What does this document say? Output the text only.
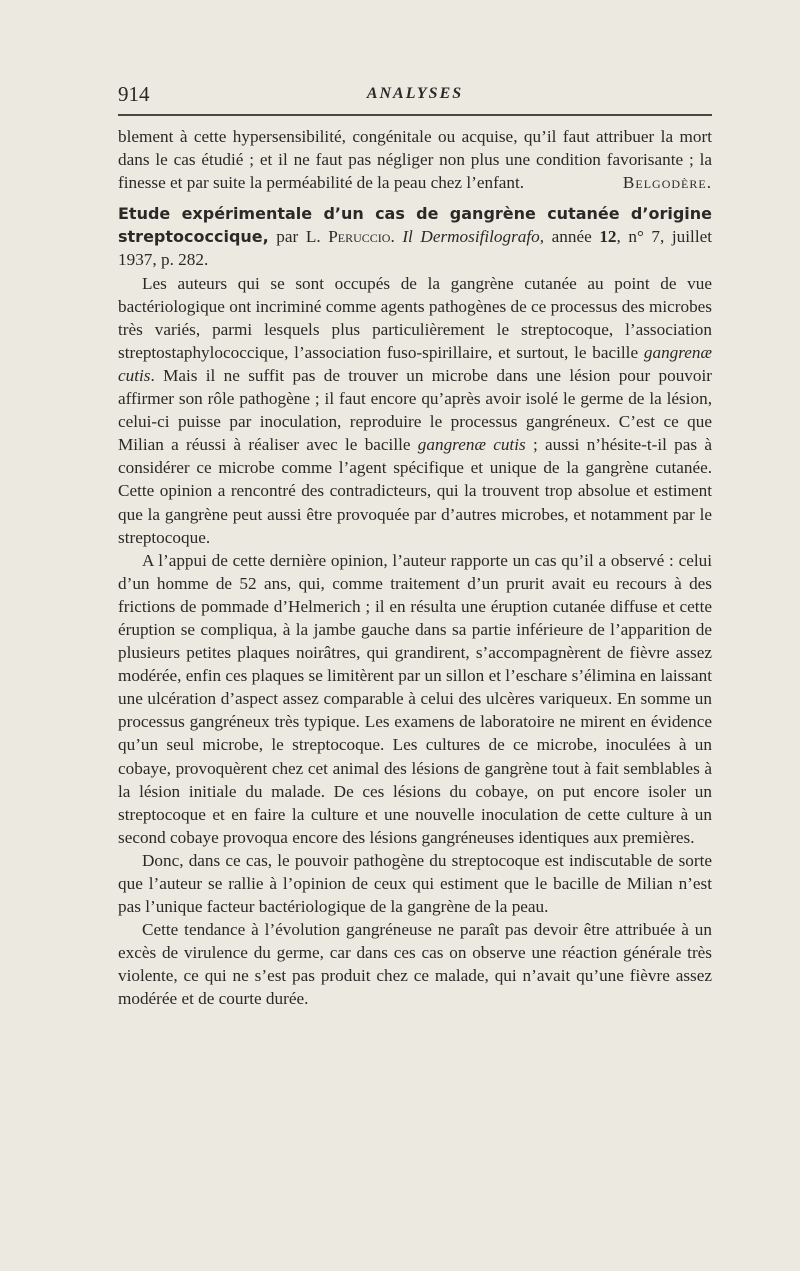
914	ANALYSES

blement à cette hypersensibilité, congénitale ou acquise, qu’il faut attribuer la mort dans le cas étudié ; et il ne faut pas négliger non plus une condition favorisante ; la finesse et par suite la perméabilité de la peau chez l’enfant.	Belgodère.

Etude expérimentale d’un cas de gangrène cutanée d’origine streptococcique, par L. Peruccio. Il Dermosifilografo, année 12, n° 7, juillet 1937, p. 282.

Les auteurs qui se sont occupés de la gangrène cutanée au point de vue bactériologique ont incriminé comme agents pathogènes de ce processus des microbes très variés, parmi lesquels plus particulièrement le streptocoque, l’association streptostaphylococcique, l’association fuso-spirillaire, et surtout, le bacille gangrenæ cutis. Mais il ne suffit pas de trouver un microbe dans une lésion pour pouvoir affirmer son rôle pathogène ; il faut encore qu’après avoir isolé le germe de la lésion, celui-ci puisse par inoculation, reproduire le processus gangréneux. C’est ce que Milian a réussi à réaliser avec le bacille gangrenæ cutis ; aussi n’hésite-t-il pas à considérer ce microbe comme l’agent spécifique et unique de la gangrène cutanée. Cette opinion a rencontré des contradicteurs, qui la trouvent trop absolue et estiment que la gangrène peut aussi être provoquée par d’autres microbes, et notamment par le streptocoque.

A l’appui de cette dernière opinion, l’auteur rapporte un cas qu’il a observé : celui d’un homme de 52 ans, qui, comme traitement d’un prurit avait eu recours à des frictions de pommade d’Helmerich ; il en résulta une éruption cutanée diffuse et cette éruption se compliqua, à la jambe gauche dans sa partie inférieure de l’apparition de plusieurs petites plaques noirâtres, qui grandirent, s’accompagnèrent de fièvre assez modérée, enfin ces plaques se limitèrent par un sillon et l’eschare s’élimina en laissant une ulcération d’aspect assez comparable à celui des ulcères variqueux. En somme un processus gangréneux très typique. Les examens de laboratoire ne mirent en évidence qu’un seul microbe, le streptocoque. Les cultures de ce microbe, inoculées à un cobaye, provoquèrent chez cet animal des lésions de gangrène tout à fait semblables à la lésion initiale du malade. De ces lésions du cobaye, on put encore isoler un streptocoque et en faire la culture et une nouvelle inoculation de cette culture à un second cobaye provoqua encore des lésions gangréneuses identiques aux premières.

Donc, dans ce cas, le pouvoir pathogène du streptocoque est indiscutable de sorte que l’auteur se rallie à l’opinion de ceux qui estiment que le bacille de Milian n’est pas l’unique facteur bactériologique de la gangrène de la peau.

Cette tendance à l’évolution gangréneuse ne paraît pas devoir être attribuée à un excès de virulence du germe, car dans ces cas on observe une réaction générale très violente, ce qui ne s’est pas produit chez ce malade, qui n’avait qu’une fièvre assez modérée et de courte durée.
